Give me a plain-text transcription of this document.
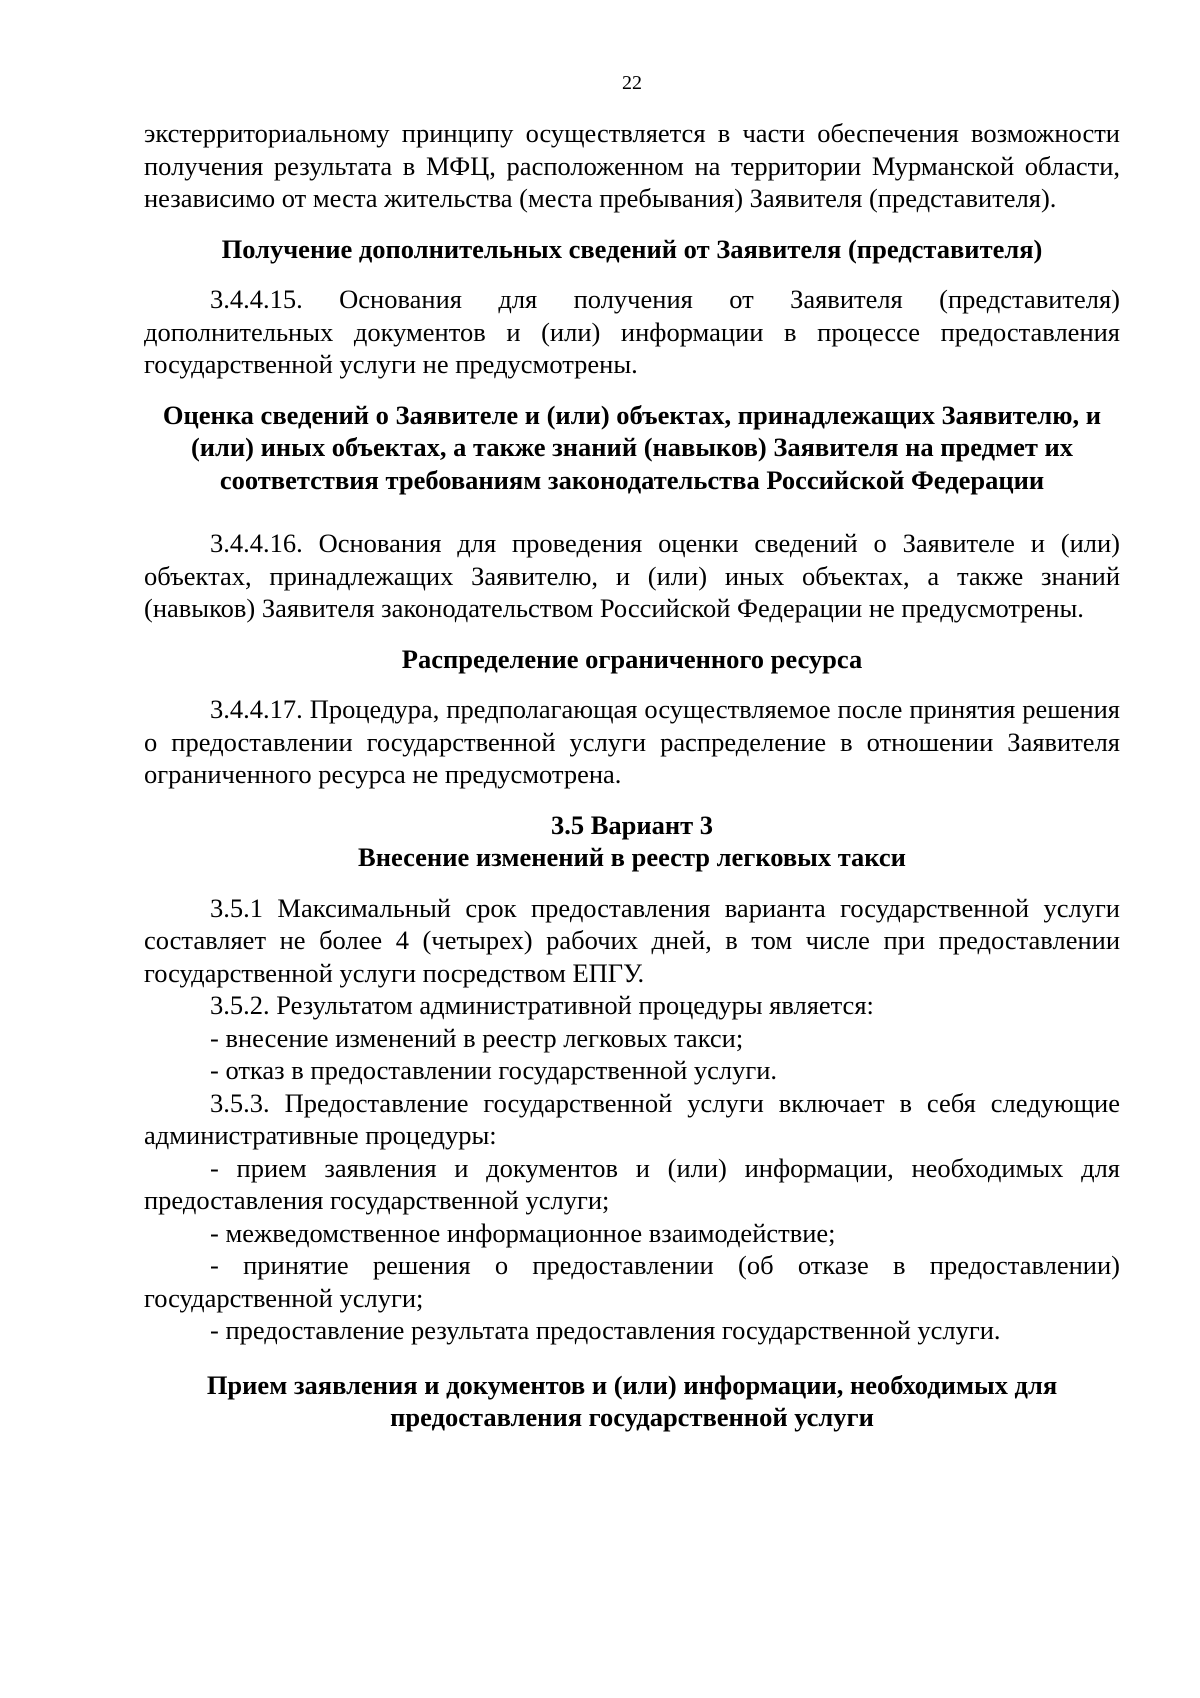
22

экстерриториальному принципу осуществляется в части обеспечения возможности получения результата в МФЦ, расположенном на территории Мурманской области, независимо от места жительства (места пребывания) Заявителя (представителя).

Получение дополнительных сведений от Заявителя (представителя)

3.4.4.15. Основания для получения от Заявителя (представителя) дополнительных документов и (или) информации в процессе предоставления государственной услуги не предусмотрены.

Оценка сведений о Заявителе и (или) объектах, принадлежащих Заявителю, и (или) иных объектах, а также знаний (навыков) Заявителя на предмет их соответствия требованиям законодательства Российской Федерации

3.4.4.16. Основания для проведения оценки сведений о Заявителе и (или) объектах, принадлежащих Заявителю, и (или) иных объектах, а также знаний (навыков) Заявителя законодательством Российской Федерации не предусмотрены.

Распределение ограниченного ресурса

3.4.4.17. Процедура, предполагающая осуществляемое после принятия решения о предоставлении государственной услуги распределение в отношении Заявителя ограниченного ресурса не предусмотрена.

3.5 Вариант 3

Внесение изменений в реестр легковых такси

3.5.1 Максимальный срок предоставления варианта государственной услуги составляет не более 4 (четырех) рабочих дней, в том числе при предоставлении государственной услуги посредством ЕПГУ.

3.5.2. Результатом административной процедуры является:

- внесение изменений в реестр легковых такси;

- отказ в предоставлении государственной услуги.

3.5.3. Предоставление государственной услуги включает в себя следующие административные процедуры:

- прием заявления и документов и (или) информации, необходимых для предоставления государственной услуги;

- межведомственное информационное взаимодействие;

- принятие решения о предоставлении (об отказе в предоставлении) государственной услуги;

- предоставление результата предоставления государственной услуги.

Прием заявления и документов и (или) информации, необходимых для предоставления государственной услуги
